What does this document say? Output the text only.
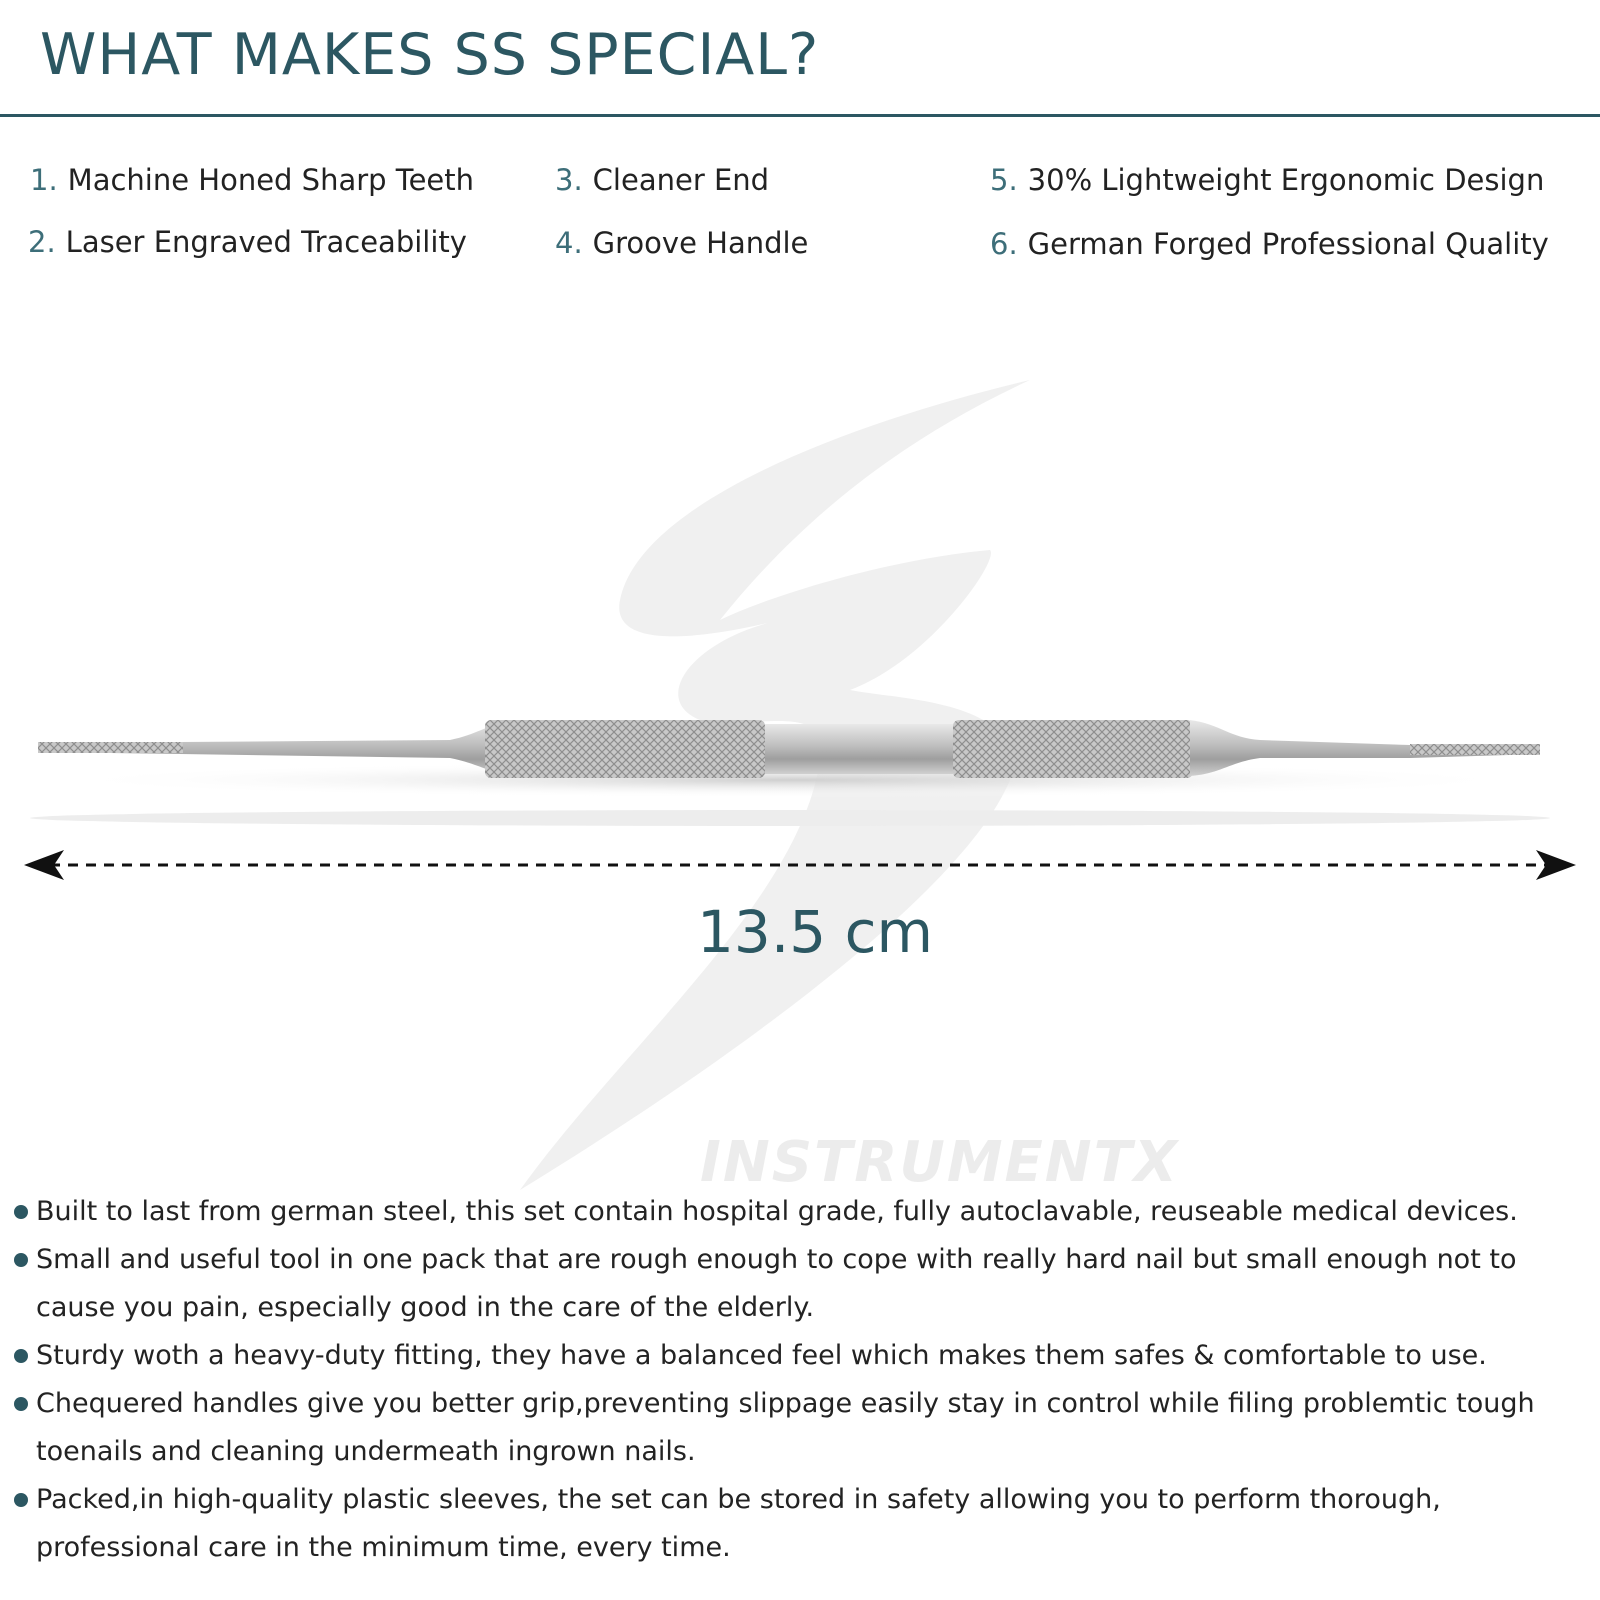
WHAT MAKES SS SPECIAL?
1. Machine Honed Sharp Teeth
2. Laser Engraved Traceability
3. Cleaner End
4. Groove Handle
5. 30% Lightweight Ergonomic Design
6. German Forged Professional Quality
13.5 cm
INSTRUMENTX
Built to last from german steel, this set contain hospital grade, fully autoclavable, reuseable medical devices.
Small and useful tool in one pack that are rough enough to cope with really hard nail but small enough not to cause you pain, especially good in the care of the elderly.
Sturdy woth a heavy-duty fitting, they have a balanced feel which makes them safes & comfortable to use.
Chequered handles give you better grip,preventing slippage easily stay in control while filing problemtic tough toenails and cleaning undermeath ingrown nails.
Packed,in high-quality plastic sleeves, the set can be stored in safety allowing you to perform thorough, professional care in the minimum time, every time.
